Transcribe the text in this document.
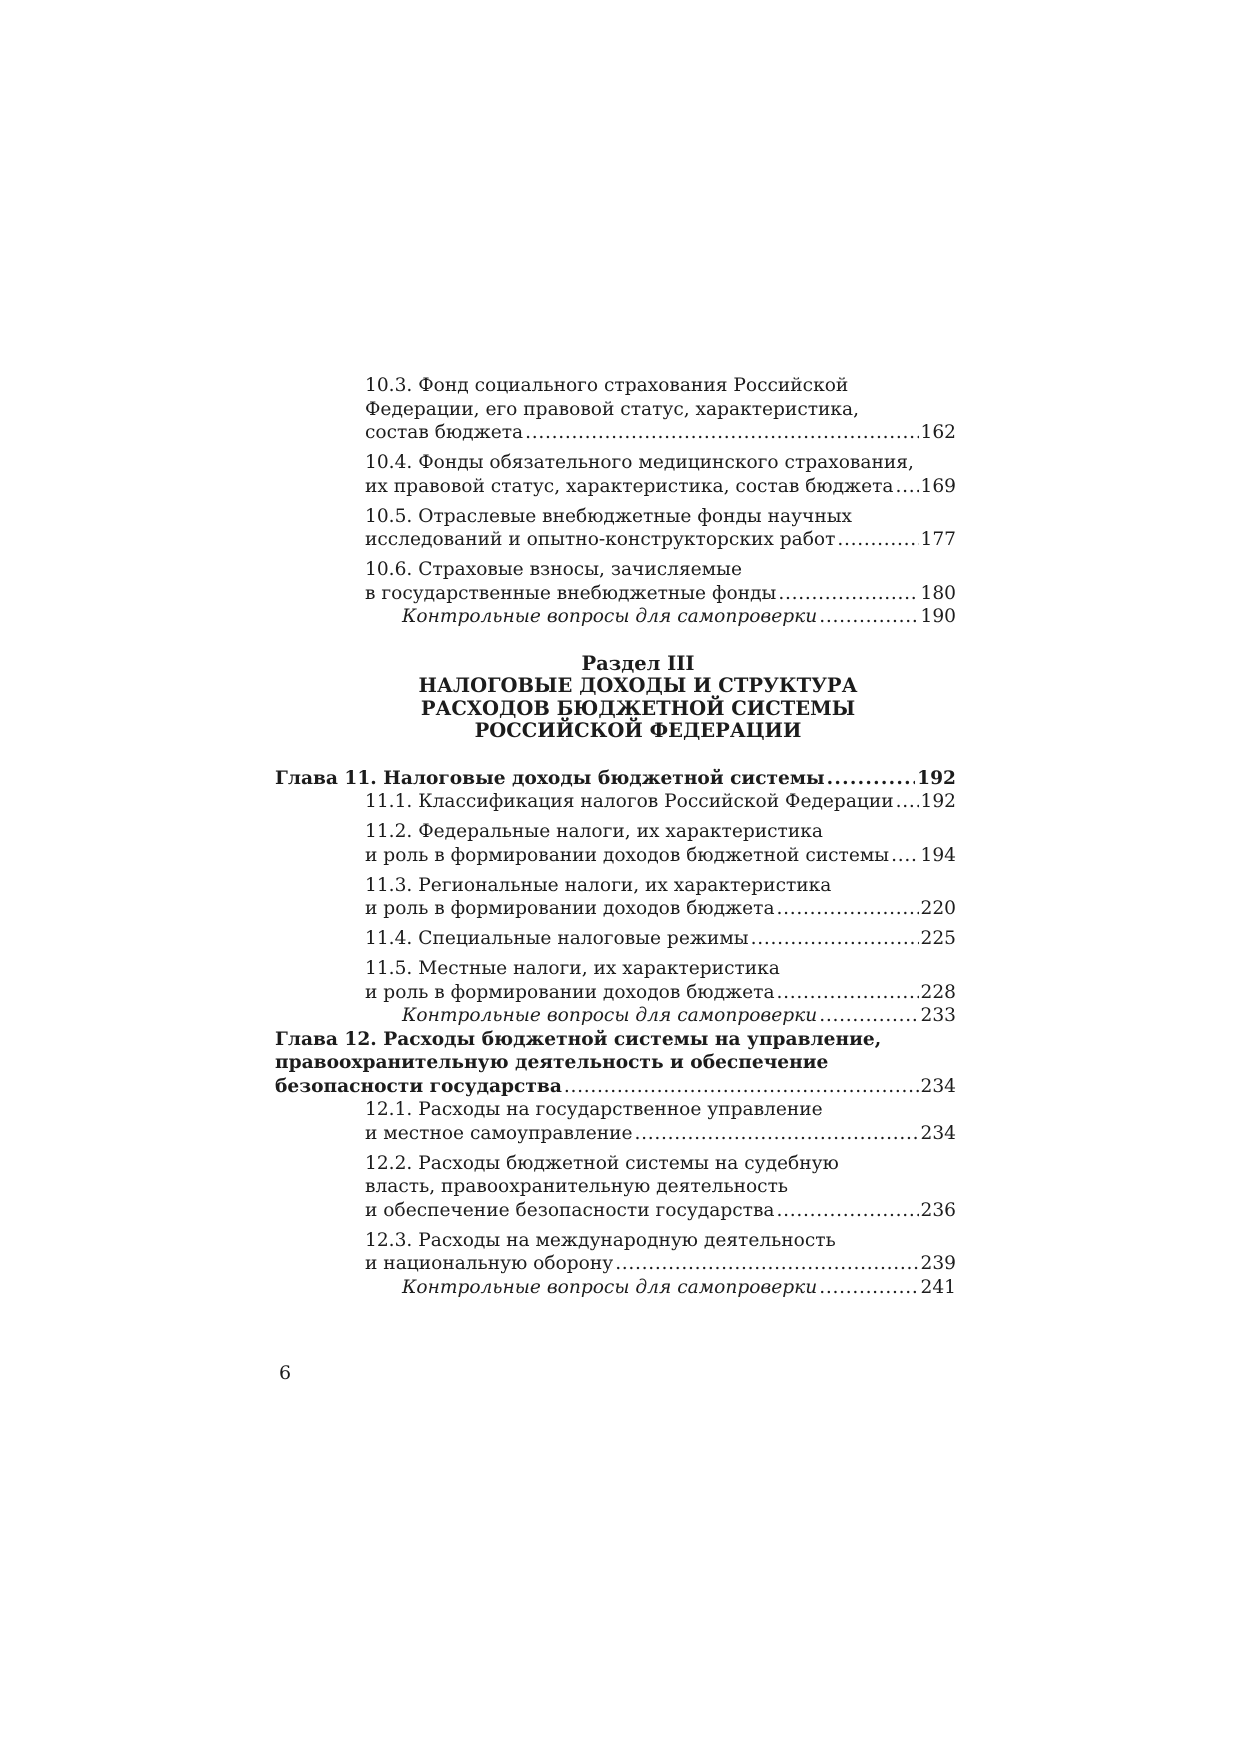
10.3. Фонд социального страхования Российской
Федерации, его правовой статус, характеристика,
состав бюджета . . .	162
10.4. Фонды обязательного медицинского страхования,
их правовой статус, характеристика, состав бюджета . . . 169
10.5. Отраслевые внебюджетные фонды научных
исследований и опытно-конструкторских работ . . .	177
10.6. Страховые взносы, зачисляемые
в государственные внебюджетные фонды . . .	180
Контрольные вопросы для самопроверки . . .	190
Раздел III
НАЛОГОВЫЕ ДОХОДЫ И СТРУКТУРА
РАСХОДОВ БЮДЖЕТНОЙ СИСТЕМЫ
РОССИЙСКОЙ ФЕДЕРАЦИИ
Глава 11. Налоговые доходы бюджетной системы . . .	192
11.1. Классификация налогов Российской Федерации . . . 192
11.2. Федеральные налоги, их характеристика
и роль в формировании доходов бюджетной системы . . . 194
11.3. Региональные налоги, их характеристика
и роль в формировании доходов бюджета . . .	220
11.4. Специальные налоговые режимы . . .	225
11.5. Местные налоги, их характеристика
и роль в формировании доходов бюджета . . .	228
Контрольные вопросы для самопроверки . . .	233
Глава 12. Расходы бюджетной системы на управление,
правоохранительную деятельность и обеспечение
безопасности государства . . .	234
12.1. Расходы на государственное управление
и местное самоуправление . . .	234
12.2. Расходы бюджетной системы на судебную
власть, правоохранительную деятельность
и обеспечение безопасности государства . . .	236
12.3. Расходы на международную деятельность
и национальную оборону . . .	239
Контрольные вопросы для самопроверки . . .	241
6
